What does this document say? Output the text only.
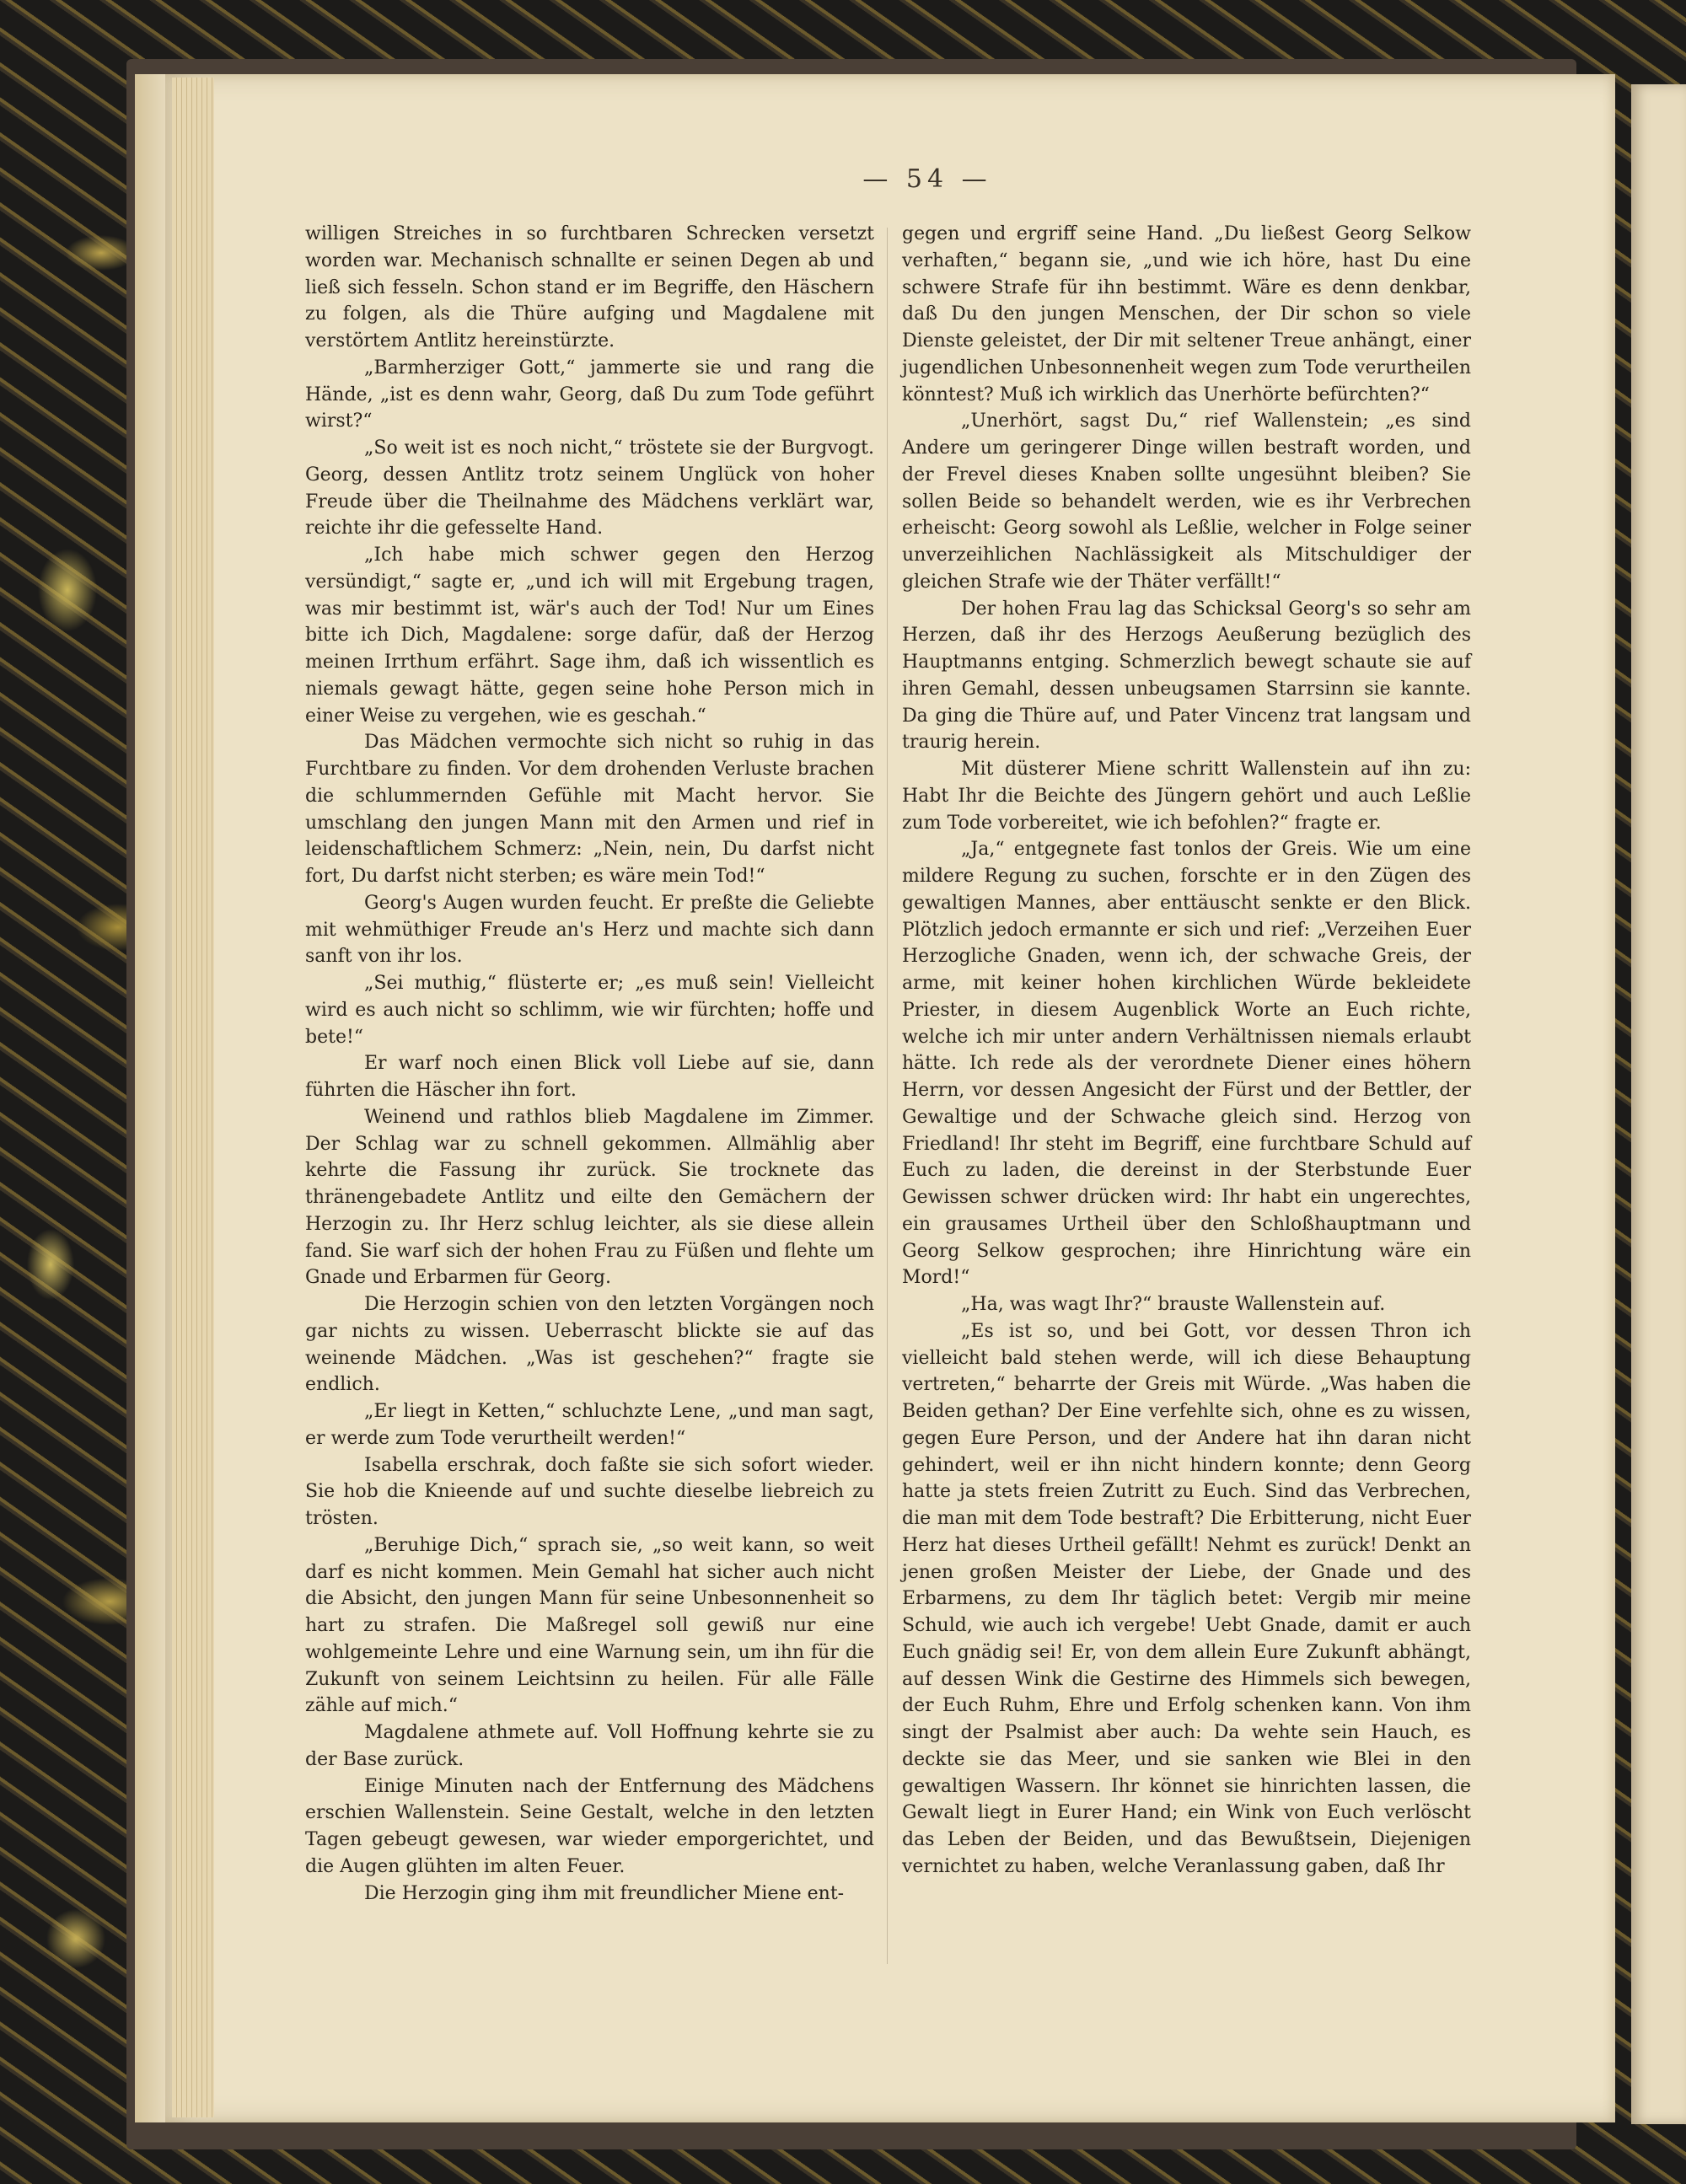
— 54 —

willigen Streiches in so furchtbaren Schrecken versetzt worden war. Mechanisch schnallte er seinen Degen ab und ließ sich fesseln. Schon stand er im Begriffe, den Häschern zu folgen, als die Thüre aufging und Magdalene mit verstörtem Antlitz hereinstürzte.

„Barmherziger Gott,“ jammerte sie und rang die Hände, „ist es denn wahr, Georg, daß Du zum Tode geführt wirst?“

„So weit ist es noch nicht,“ tröstete sie der Burgvogt. Georg, dessen Antlitz trotz seinem Unglück von hoher Freude über die Theilnahme des Mädchens verklärt war, reichte ihr die gefesselte Hand.

„Ich habe mich schwer gegen den Herzog versündigt,“ sagte er, „und ich will mit Ergebung tragen, was mir bestimmt ist, wär's auch der Tod! Nur um Eines bitte ich Dich, Magdalene: sorge dafür, daß der Herzog meinen Irrthum erfährt. Sage ihm, daß ich wissentlich es niemals gewagt hätte, gegen seine hohe Person mich in einer Weise zu vergehen, wie es geschah.“

Das Mädchen vermochte sich nicht so ruhig in das Furchtbare zu finden. Vor dem drohenden Verluste brachen die schlummernden Gefühle mit Macht hervor. Sie umschlang den jungen Mann mit den Armen und rief in leidenschaftlichem Schmerz: „Nein, nein, Du darfst nicht fort, Du darfst nicht sterben; es wäre mein Tod!“

Georg's Augen wurden feucht. Er preßte die Geliebte mit wehmüthiger Freude an's Herz und machte sich dann sanft von ihr los.

„Sei muthig,“ flüsterte er; „es muß sein! Vielleicht wird es auch nicht so schlimm, wie wir fürchten; hoffe und bete!“

Er warf noch einen Blick voll Liebe auf sie, dann führten die Häscher ihn fort.

Weinend und rathlos blieb Magdalene im Zimmer. Der Schlag war zu schnell gekommen. Allmählig aber kehrte die Fassung ihr zurück. Sie trocknete das thränengebadete Antlitz und eilte den Gemächern der Herzogin zu. Ihr Herz schlug leichter, als sie diese allein fand. Sie warf sich der hohen Frau zu Füßen und flehte um Gnade und Erbarmen für Georg.

Die Herzogin schien von den letzten Vorgängen noch gar nichts zu wissen. Ueberrascht blickte sie auf das weinende Mädchen. „Was ist geschehen?“ fragte sie endlich.

„Er liegt in Ketten,“ schluchzte Lene, „und man sagt, er werde zum Tode verurtheilt werden!“

Isabella erschrak, doch faßte sie sich sofort wieder. Sie hob die Knieende auf und suchte dieselbe liebreich zu trösten.

„Beruhige Dich,“ sprach sie, „so weit kann, so weit darf es nicht kommen. Mein Gemahl hat sicher auch nicht die Absicht, den jungen Mann für seine Unbesonnenheit so hart zu strafen. Die Maßregel soll gewiß nur eine wohlgemeinte Lehre und eine Warnung sein, um ihn für die Zukunft von seinem Leichtsinn zu heilen. Für alle Fälle zähle auf mich.“

Magdalene athmete auf. Voll Hoffnung kehrte sie zu der Base zurück.

Einige Minuten nach der Entfernung des Mädchens erschien Wallenstein. Seine Gestalt, welche in den letzten Tagen gebeugt gewesen, war wieder emporgerichtet, und die Augen glühten im alten Feuer.

Die Herzogin ging ihm mit freundlicher Miene ent-

gegen und ergriff seine Hand. „Du ließest Georg Selkow verhaften,“ begann sie, „und wie ich höre, hast Du eine schwere Strafe für ihn bestimmt. Wäre es denn denkbar, daß Du den jungen Menschen, der Dir schon so viele Dienste geleistet, der Dir mit seltener Treue anhängt, einer jugendlichen Unbesonnenheit wegen zum Tode verurtheilen könntest? Muß ich wirklich das Unerhörte befürchten?“

„Unerhört, sagst Du,“ rief Wallenstein; „es sind Andere um geringerer Dinge willen bestraft worden, und der Frevel dieses Knaben sollte ungesühnt bleiben? Sie sollen Beide so behandelt werden, wie es ihr Verbrechen erheischt: Georg sowohl als Leßlie, welcher in Folge seiner unverzeihlichen Nachlässigkeit als Mitschuldiger der gleichen Strafe wie der Thäter verfällt!“

Der hohen Frau lag das Schicksal Georg's so sehr am Herzen, daß ihr des Herzogs Aeußerung bezüglich des Hauptmanns entging. Schmerzlich bewegt schaute sie auf ihren Gemahl, dessen unbeugsamen Starrsinn sie kannte. Da ging die Thüre auf, und Pater Vincenz trat langsam und traurig herein.

Mit düsterer Miene schritt Wallenstein auf ihn zu: Habt Ihr die Beichte des Jüngern gehört und auch Leßlie zum Tode vorbereitet, wie ich befohlen?“ fragte er.

„Ja,“ entgegnete fast tonlos der Greis. Wie um eine mildere Regung zu suchen, forschte er in den Zügen des gewaltigen Mannes, aber enttäuscht senkte er den Blick. Plötzlich jedoch ermannte er sich und rief: „Verzeihen Euer Herzogliche Gnaden, wenn ich, der schwache Greis, der arme, mit keiner hohen kirchlichen Würde bekleidete Priester, in diesem Augenblick Worte an Euch richte, welche ich mir unter andern Verhältnissen niemals erlaubt hätte. Ich rede als der verordnete Diener eines höhern Herrn, vor dessen Angesicht der Fürst und der Bettler, der Gewaltige und der Schwache gleich sind. Herzog von Friedland! Ihr steht im Begriff, eine furchtbare Schuld auf Euch zu laden, die dereinst in der Sterbstunde Euer Gewissen schwer drücken wird: Ihr habt ein ungerechtes, ein grausames Urtheil über den Schloßhauptmann und Georg Selkow gesprochen; ihre Hinrichtung wäre ein Mord!“

„Ha, was wagt Ihr?“ brauste Wallenstein auf.

„Es ist so, und bei Gott, vor dessen Thron ich vielleicht bald stehen werde, will ich diese Behauptung vertreten,“ beharrte der Greis mit Würde. „Was haben die Beiden gethan? Der Eine verfehlte sich, ohne es zu wissen, gegen Eure Person, und der Andere hat ihn daran nicht gehindert, weil er ihn nicht hindern konnte; denn Georg hatte ja stets freien Zutritt zu Euch. Sind das Verbrechen, die man mit dem Tode bestraft? Die Erbitterung, nicht Euer Herz hat dieses Urtheil gefällt! Nehmt es zurück! Denkt an jenen großen Meister der Liebe, der Gnade und des Erbarmens, zu dem Ihr täglich betet: Vergib mir meine Schuld, wie auch ich vergebe! Uebt Gnade, damit er auch Euch gnädig sei! Er, von dem allein Eure Zukunft abhängt, auf dessen Wink die Gestirne des Himmels sich bewegen, der Euch Ruhm, Ehre und Erfolg schenken kann. Von ihm singt der Psalmist aber auch: Da wehte sein Hauch, es deckte sie das Meer, und sie sanken wie Blei in den gewaltigen Wassern. Ihr könnet sie hinrichten lassen, die Gewalt liegt in Eurer Hand; ein Wink von Euch verlöscht das Leben der Beiden, und das Bewußtsein, Diejenigen vernichtet zu haben, welche Veranlassung gaben, daß Ihr
